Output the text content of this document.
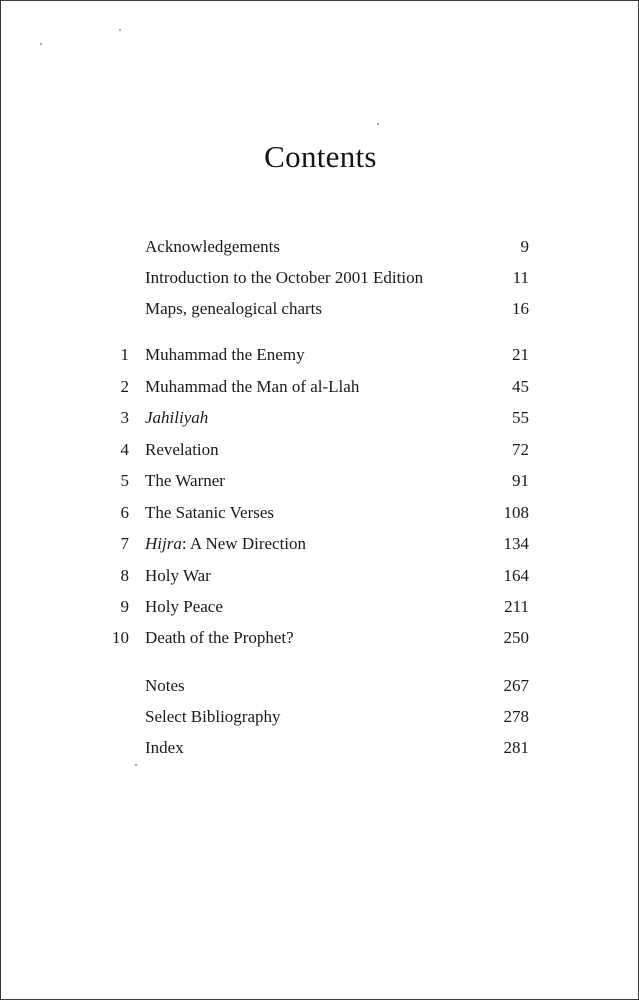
Contents
Acknowledgements	9
Introduction to the October 2001 Edition	11
Maps, genealogical charts	16
1 Muhammad the Enemy	21
2 Muhammad the Man of al-Llah	45
3 Jahiliyah	55
4 Revelation	72
5 The Warner	91
6 The Satanic Verses	108
7 Hijra: A New Direction	134
8 Holy War	164
9 Holy Peace	211
10 Death of the Prophet?	250
Notes	267
Select Bibliography	278
Index	281
